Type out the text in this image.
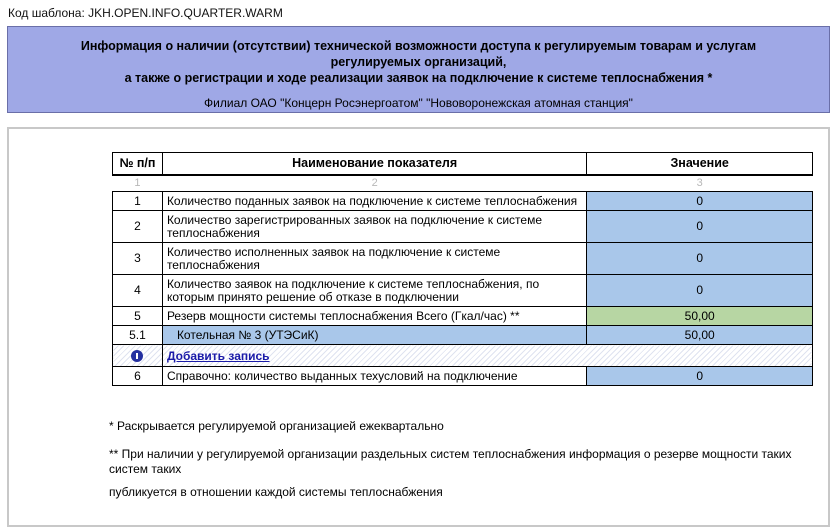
Код шаблона: JKH.OPEN.INFO.QUARTER.WARM
Информация о наличии (отсутствии) технической возможности доступа к регулируемым товарам и услугам регулируемых организаций,
а также о регистрации и ходе реализации заявок на подключение к системе теплоснабжения *
Филиал ОАО "Концерн Росэнергоатом" "Нововоронежская атомная станция"
№ п/п	Наименование показателя	Значение
1	2	3
1	Количество поданных заявок на подключение к системе теплоснабжения	0
2	Количество зарегистрированных заявок на подключение к системе теплоснабжения	0
3	Количество исполненных заявок на подключение к системе теплоснабжения	0
4	Количество заявок на подключение к системе теплоснабжения, по которым принято решение об отказе в подключении	0
5	Резерв мощности системы теплоснабжения Всего (Гкал/час) **	50,00
5.1	Котельная № 3 (УТЭСиК)	50,00
	Добавить запись	
6	Справочно: количество выданных техусловий на подключение	0
* Раскрывается регулируемой организацией ежеквартально
** При наличии у регулируемой организации раздельных систем теплоснабжения информация о резерве мощности таких систем таких
публикуется в отношении каждой системы теплоснабжения
